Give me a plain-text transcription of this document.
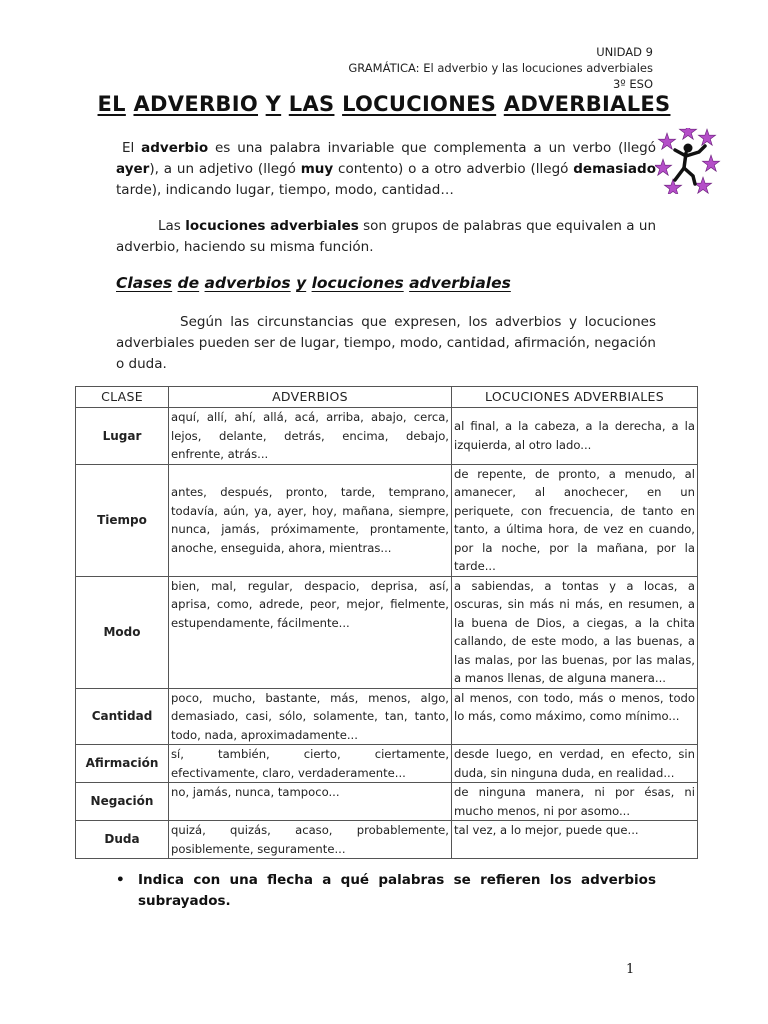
UNIDAD 9
GRAMÁTICA: El adverbio y las locuciones adverbiales
3º ESO
EL ADVERBIO Y LAS LOCUCIONES ADVERBIALES
El adverbio es una palabra invariable que complementa a un verbo (llegó ayer), a un adjetivo (llegó muy contento) o a otro adverbio (llegó demasiado tarde), indicando lugar, tiempo, modo, cantidad…
Las locuciones adverbiales son grupos de palabras que equivalen a un adverbio, haciendo su misma función.
Clases de adverbios y locuciones adverbiales
Según las circunstancias que expresen, los adverbios y locuciones adverbiales pueden ser de lugar, tiempo, modo, cantidad, afirmación, negación o duda.
CLASE	ADVERBIOS	LOCUCIONES ADVERBIALES
Lugar	aquí, allí, ahí, allá, acá, arriba, abajo, cerca, lejos, delante, detrás, encima, debajo, enfrente, atrás...	al final, a la cabeza, a la derecha, a la izquierda, al otro lado...
Tiempo	antes, después, pronto, tarde, temprano, todavía, aún, ya, ayer, hoy, mañana, siempre, nunca, jamás, próximamente, prontamente, anoche, enseguida, ahora, mientras...	de repente, de pronto, a menudo, al amanecer, al anochecer, en un periquete, con frecuencia, de tanto en tanto, a última hora, de vez en cuando, por la noche, por la mañana, por la tarde...
Modo	bien, mal, regular, despacio, deprisa, así, aprisa, como, adrede, peor, mejor, fielmente, estupendamente, fácilmente...	a sabiendas, a tontas y a locas, a oscuras, sin más ni más, en resumen, a la buena de Dios, a ciegas, a la chita callando, de este modo, a las buenas, a las malas, por las buenas, por las malas, a manos llenas, de alguna manera...
Cantidad	poco, mucho, bastante, más, menos, algo, demasiado, casi, sólo, solamente, tan, tanto, todo, nada, aproximadamente...	al menos, con todo, más o menos, todo lo más, como máximo, como mínimo...
Afirmación	sí, también, cierto, ciertamente, efectivamente, claro, verdaderamente...	desde luego, en verdad, en efecto, sin duda, sin ninguna duda, en realidad...
Negación	no, jamás, nunca, tampoco...	de ninguna manera, ni por ésas, ni mucho menos, ni por asomo...
Duda	quizá, quizás, acaso, probablemente, posiblemente, seguramente...	tal vez, a lo mejor, puede que...
• Indica con una flecha a qué palabras se refieren los adverbios subrayados.
1
